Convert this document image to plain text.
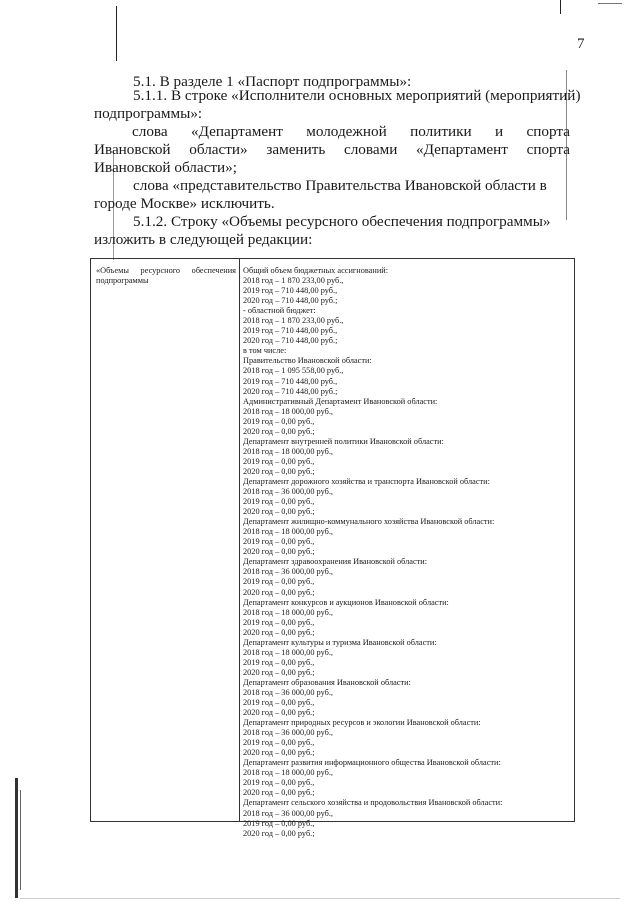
7
5.1. В разделе 1 «Паспорт подпрограммы»:
5.1.1. В строке «Исполнители основных мероприятий (мероприятий)
подпрограммы»:
слова «Департамент молодежной политики и спорта
Ивановской области» заменить словами «Департамент спорта
Ивановской области»;
слова «представительство Правительства Ивановской области в
городе Москве» исключить.
5.1.2. Строку «Объемы ресурсного обеспечения подпрограммы»
изложить в следующей редакции:
«Объемы ресурсного обеспечения
подпрограммы
Общий объем бюджетных ассигнований:
2018 год – 1 870 233,00 руб.,
2019 год – 710 448,00 руб.,
2020 год – 710 448,00 руб.;
- областной бюджет:
2018 год – 1 870 233,00 руб.,
2019 год – 710 448,00 руб.,
2020 год – 710 448,00 руб.;
в том числе:
Правительство Ивановской области:
2018 год – 1 095 558,00 руб.,
2019 год – 710 448,00 руб.,
2020 год – 710 448,00 руб.;
Административный Департамент Ивановской области:
2018 год – 18 000,00 руб.,
2019 год – 0,00 руб.,
2020 год – 0,00 руб.;
Департамент внутренней политики Ивановской области:
2018 год – 18 000,00 руб.,
2019 год – 0,00 руб.,
2020 год – 0,00 руб.;
Департамент дорожного хозяйства и транспорта Ивановской области:
2018 год – 36 000,00 руб.,
2019 год – 0,00 руб.,
2020 год – 0,00 руб.;
Департамент жилищно-коммунального хозяйства Ивановской области:
2018 год – 18 000,00 руб.,
2019 год – 0,00 руб.,
2020 год – 0,00 руб.;
Департамент здравоохранения Ивановской области:
2018 год – 36 000,00 руб.,
2019 год – 0,00 руб.,
2020 год – 0,00 руб.;
Департамент конкурсов и аукционов Ивановской области:
2018 год – 18 000,00 руб.,
2019 год – 0,00 руб.,
2020 год – 0,00 руб.;
Департамент культуры и туризма Ивановской области:
2018 год – 18 000,00 руб.,
2019 год – 0,00 руб.,
2020 год – 0,00 руб.;
Департамент образования Ивановской области:
2018 год – 36 000,00 руб.,
2019 год – 0,00 руб.,
2020 год – 0,00 руб.;
Департамент природных ресурсов и экологии Ивановской области:
2018 год – 36 000,00 руб.,
2019 год – 0,00 руб.,
2020 год – 0,00 руб.;
Департамент развития информационного общества Ивановской области:
2018 год – 18 000,00 руб.,
2019 год – 0,00 руб.,
2020 год – 0,00 руб.;
Департамент сельского хозяйства и продовольствия Ивановской области:
2018 год – 36 000,00 руб.,
2019 год – 0,00 руб.,
2020 год – 0,00 руб.;
